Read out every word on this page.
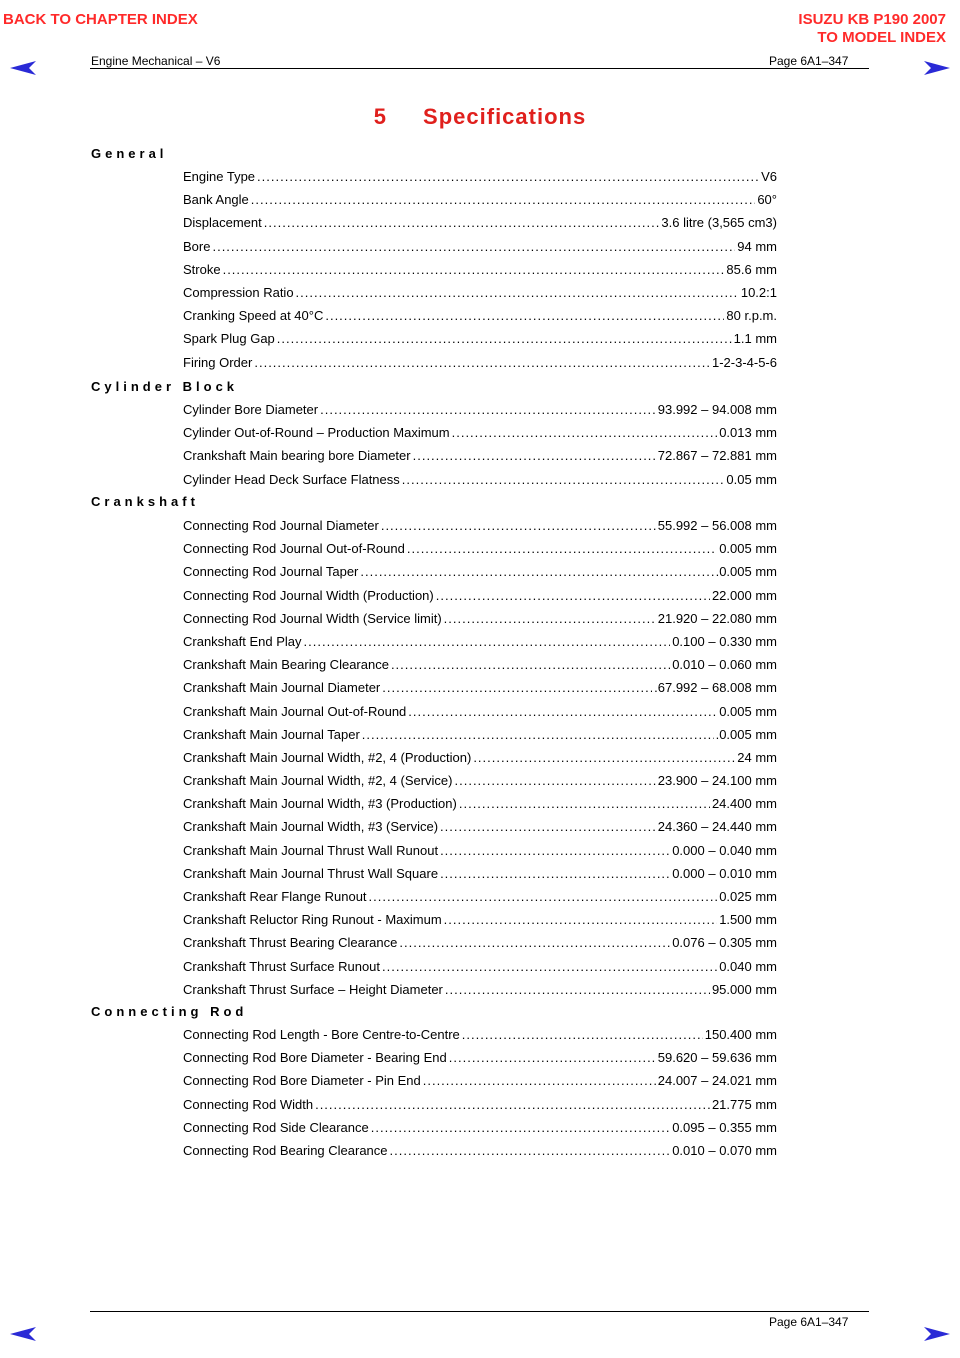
BACK TO CHAPTER INDEX	ISUZU KB P190 2007
TO MODEL INDEX
Engine Mechanical – V6	Page 6A1–347
5 Specifications
General
Engine Type .....	V6
Bank Angle .....	60°
Displacement .....	3.6 litre (3,565 cm3)
Bore .....	94 mm
Stroke .....	85.6 mm
Compression Ratio .....	10.2:1
Cranking Speed at 40°C .....	80 r.p.m.
Spark Plug Gap .....	1.1 mm
Firing Order .....	1-2-3-4-5-6
Cylinder Block
Cylinder Bore Diameter .....	93.992 – 94.008 mm
Cylinder Out-of-Round – Production Maximum .....	0.013 mm
Crankshaft Main bearing bore Diameter .....	72.867 – 72.881 mm
Cylinder Head Deck Surface Flatness .....	0.05 mm
Crankshaft
Connecting Rod Journal Diameter .....	55.992 – 56.008 mm
Connecting Rod Journal Out-of-Round .....	0.005 mm
Connecting Rod Journal Taper .....	.0.005 mm
Connecting Rod Journal Width (Production) .....	22.000 mm
Connecting Rod Journal Width (Service limit) .....	21.920 – 22.080 mm
Crankshaft End Play .....	0.100 – 0.330 mm
Crankshaft Main Bearing Clearance .....	0.010 – 0.060 mm
Crankshaft Main Journal Diameter .....	.67.992 – 68.008 mm
Crankshaft Main Journal Out-of-Round .....	0.005 mm
Crankshaft Main Journal Taper .....	.0.005 mm
Crankshaft Main Journal Width, #2, 4 (Production) .....	24 mm
Crankshaft Main Journal Width, #2, 4 (Service) .....	23.900 – 24.100 mm
Crankshaft Main Journal Width, #3 (Production) .....	24.400 mm
Crankshaft Main Journal Width, #3 (Service) .....	24.360 – 24.440 mm
Crankshaft Main Journal Thrust Wall Runout .....	0.000 – 0.040 mm
Crankshaft Main Journal Thrust Wall Square .....	0.000 – 0.010 mm
Crankshaft Rear Flange Runout .....	0.025 mm
Crankshaft Reluctor Ring Runout - Maximum .....	1.500 mm
Crankshaft Thrust Bearing Clearance .....	0.076 – 0.305 mm
Crankshaft Thrust Surface Runout .....	0.040 mm
Crankshaft Thrust Surface – Height Diameter .....	95.000 mm
Connecting Rod
Connecting Rod Length - Bore Centre-to-Centre .....	150.400 mm
Connecting Rod Bore Diameter - Bearing End .....	59.620 – 59.636 mm
Connecting Rod Bore Diameter - Pin End .....	24.007 – 24.021 mm
Connecting Rod Width .....	21.775 mm
Connecting Rod Side Clearance .....	0.095 – 0.355 mm
Connecting Rod Bearing Clearance .....	0.010 – 0.070 mm
Page 6A1–347
